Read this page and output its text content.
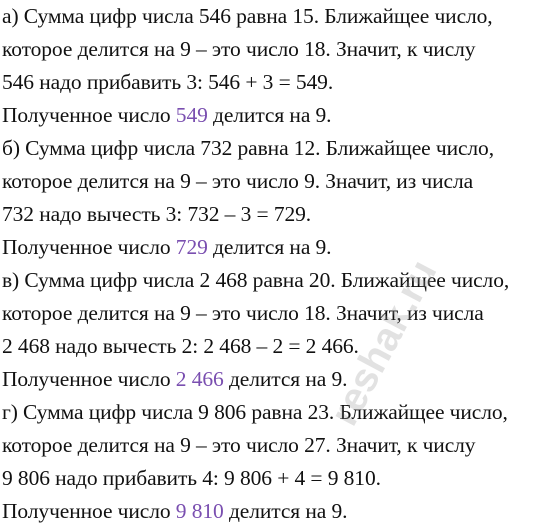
а) Сумма цифр числа 546 равна 15. Ближайщее число,
которое делится на 9 – это число 18. Значит, к числу
546 надо прибавить 3: 546 + 3 = 549.
Полученное число 549 делится на 9.
б) Сумма цифр числа 732 равна 12. Ближайщее число,
которое делится на 9 – это число 9. Значит, из числа
732 надо вычесть 3: 732 – 3 = 729.
Полученное число 729 делится на 9.
в) Сумма цифр числа 2 468 равна 20. Ближайщее число,
которое делится на 9 – это число 18. Значит, из числа
2 468 надо вычесть 2: 2 468 – 2 = 2 466.
Полученное число 2 466 делится на 9.
г) Сумма цифр числа 9 806 равна 23. Ближайщее число,
которое делится на 9 – это число 27. Значит, к числу
9 806 надо прибавить 4: 9 806 + 4 = 9 810.
Полученное число 9 810 делится на 9.
reshak.ru
